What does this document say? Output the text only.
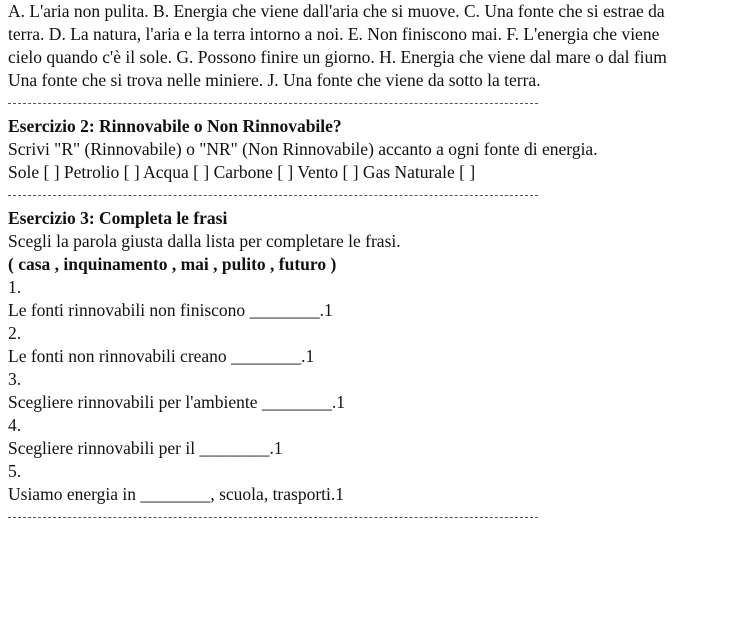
A. L'aria non pulita. B. Energia che viene dall'aria che si muove. C. Una fonte che si estrae da
terra. D. La natura, l'aria e la terra intorno a noi. E. Non finiscono mai. F. L'energia che viene
cielo quando c'è il sole. G. Possono finire un giorno. H. Energia che viene dal mare o dal fium
Una fonte che si trova nelle miniere. J. Una fonte che viene da sotto la terra.

Esercizio 2: Rinnovabile o Non Rinnovabile?

Scrivi "R" (Rinnovabile) o "NR" (Non Rinnovabile) accanto a ogni fonte di energia.

Sole [ ] Petrolio [ ] Acqua [ ] Carbone [ ] Vento [ ] Gas Naturale [ ]

Esercizio 3: Completa le frasi

Scegli la parola giusta dalla lista per completare le frasi.

( casa , inquinamento , mai , pulito , futuro )

1.

Le fonti rinnovabili non finiscono ________.1

2.

Le fonti non rinnovabili creano ________.1

3.

Scegliere rinnovabili per l'ambiente ________.1

4.

Scegliere rinnovabili per il ________.1

5.

Usiamo energia in ________, scuola, trasporti.1
